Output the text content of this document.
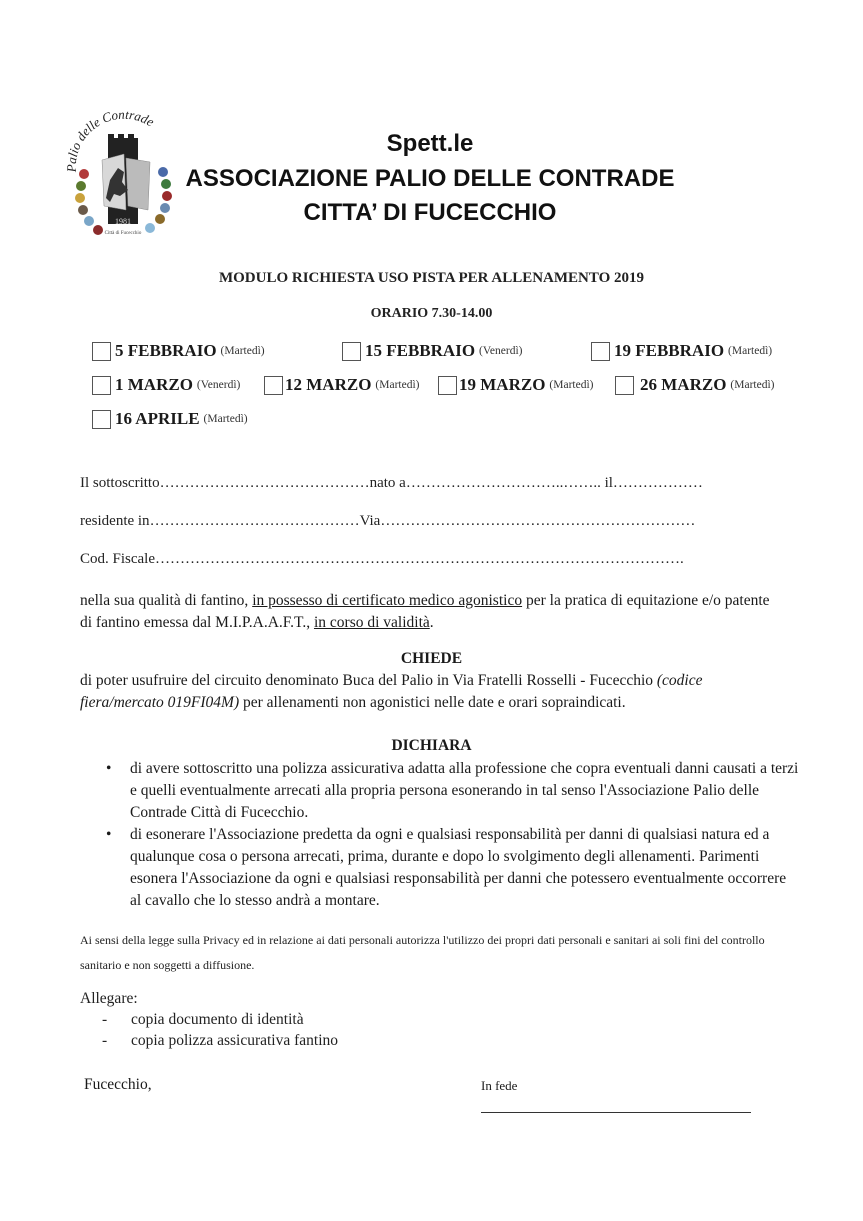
Palio delle Contrade
1981
Città di Fucecchio
Spett.le
ASSOCIAZIONE PALIO DELLE CONTRADE
CITTA’ DI FUCECCHIO
MODULO RICHIESTA USO PISTA PER ALLENAMENTO 2019
ORARIO 7.30-14.00
5 FEBBRAIO (Martedì)	15 FEBBRAIO (Venerdì)	19 FEBBRAIO (Martedì)
1 MARZO (Venerdì)	12 MARZO (Martedì) 19 MARZO (Martedì)	26 MARZO (Martedì)
16 APRILE (Martedì)
Il sottoscritto……………………………………nato a…………………………..…….. il………………
residente in……………………………………Via………………………………………………………
Cod. Fiscale…………………………………………………………………………………………….
nella sua qualità di fantino, in possesso di certificato medico agonistico per la pratica di equitazione e/o patente di fantino emessa dal M.I.P.A.A.F.T., in corso di validità.
CHIEDE
di poter usufruire del circuito denominato Buca del Palio in Via Fratelli Rosselli - Fucecchio (codice fiera/mercato 019FI04M) per allenamenti non agonistici nelle date e orari sopraindicati.
DICHIARA
• di avere sottoscritto una polizza assicurativa adatta alla professione che copra eventuali danni causati a terzi e quelli eventualmente arrecati alla propria persona esonerando in tal senso l'Associazione Palio delle Contrade Città di Fucecchio.
• di esonerare l'Associazione predetta da ogni e qualsiasi responsabilità per danni di qualsiasi natura ed a qualunque cosa o persona arrecati, prima, durante e dopo lo svolgimento degli allenamenti. Parimenti esonera l'Associazione da ogni e qualsiasi responsabilità per danni che potessero eventualmente occorrere al cavallo che lo stesso andrà a montare.
Ai sensi della legge sulla Privacy ed in relazione ai dati personali autorizza l'utilizzo dei propri dati personali e sanitari ai soli fini del controllo sanitario e non soggetti a diffusione.
Allegare:
- copia documento di identità
- copia polizza assicurativa fantino
Fucecchio,	In fede
